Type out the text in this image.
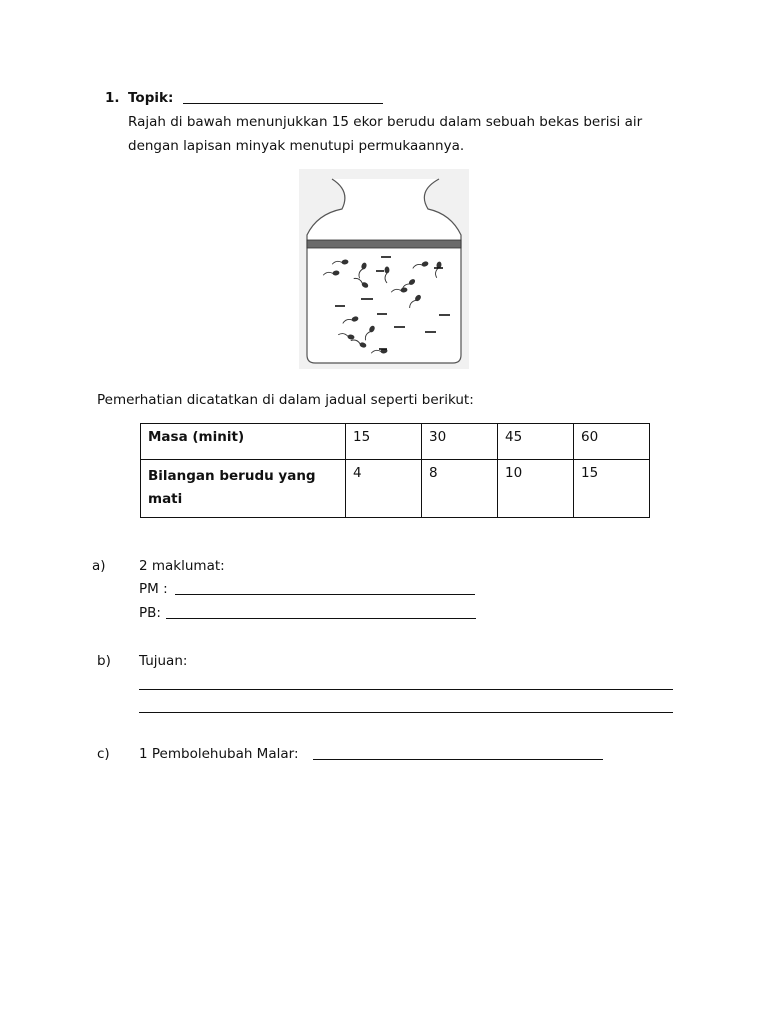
1. Topik:
Rajah di bawah menunjukkan 15 ekor berudu dalam sebuah bekas berisi air
dengan lapisan minyak menutupi permukaannya.
Pemerhatian dicatatkan di dalam jadual seperti berikut:
Masa (minit)	15	30	45	60
Bilangan berudu yang
mati	4	8	10	15
a) 2 maklumat:
PM :
PB:
b) Tujuan:
c) 1 Pembolehubah Malar:
